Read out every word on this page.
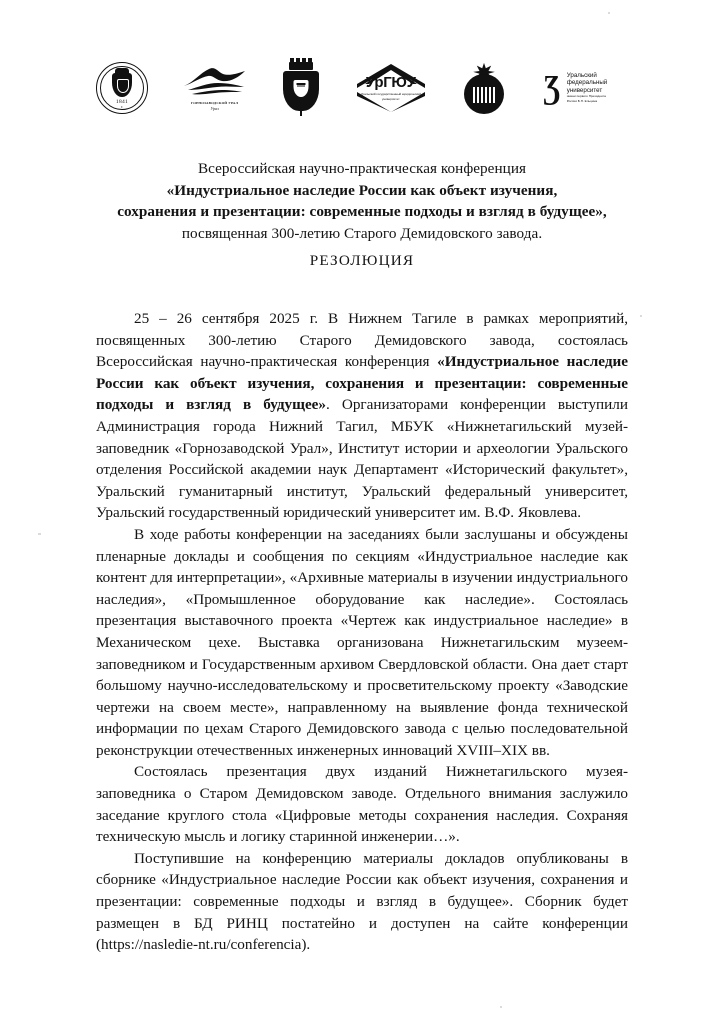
1841
г.
ГОРНОЗАВОДСКОЙ УРАЛ
Урал
УрГЮУ
Уральский государственный юридический университет	Ʒ Уральский
федеральный
университет
имени первого Президента
России Б.Н. Ельцина
Всероссийская научно-практическая конференция
«Индустриальное наследие России как объект изучения,
сохранения и презентации: современные подходы и взгляд в будущее»,
посвященная 300-летию Старого Демидовского завода.
РЕЗОЛЮЦИЯ

25 – 26 сентября 2025 г. В Нижнем Тагиле в рамках мероприятий, посвященных 300-летию Старого Демидовского завода, состоялась Всероссийская научно-практическая конференция «Индустриальное наследие России как объект изучения, сохранения и презентации: современные подходы и взгляд в будущее». Организаторами конференции выступили Администрация города Нижний Тагил, МБУК «Нижнетагильский музей-заповедник «Горнозаводской Урал», Институт истории и археологии Уральского отделения Российской академии наук Департамент «Исторический факультет», Уральский гуманитарный институт, Уральский федеральный университет, Уральский государственный юридический университет им. В.Ф. Яковлева.

В ходе работы конференции на заседаниях были заслушаны и обсуждены пленарные доклады и сообщения по секциям «Индустриальное наследие как контент для интерпретации», «Архивные материалы в изучении индустриального наследия», «Промышленное оборудование как наследие». Состоялась презентация выставочного проекта «Чертеж как индустриальное наследие» в Механическом цехе. Выставка организована Нижнетагильским музеем-заповедником и Государственным архивом Свердловской области. Она дает старт большому научно-исследовательскому и просветительскому проекту «Заводские чертежи на своем месте», направленному на выявление фонда технической информации по цехам Старого Демидовского завода с целью последовательной реконструкции отечественных инженерных инноваций XVIII–XIX вв.

Состоялась презентация двух изданий Нижнетагильского музея-заповедника о Старом Демидовском заводе. Отдельного внимания заслужило заседание круглого стола «Цифровые методы сохранения наследия. Сохраняя техническую мысль и логику старинной инженерии…».

Поступившие на конференцию материалы докладов опубликованы в сборнике «Индустриальное наследие России как объект изучения, сохранения и презентации: современные подходы и взгляд в будущее». Сборник будет размещен в БД РИНЦ постатейно и доступен на сайте конференции (https://nasledie-nt.ru/conferencia).
